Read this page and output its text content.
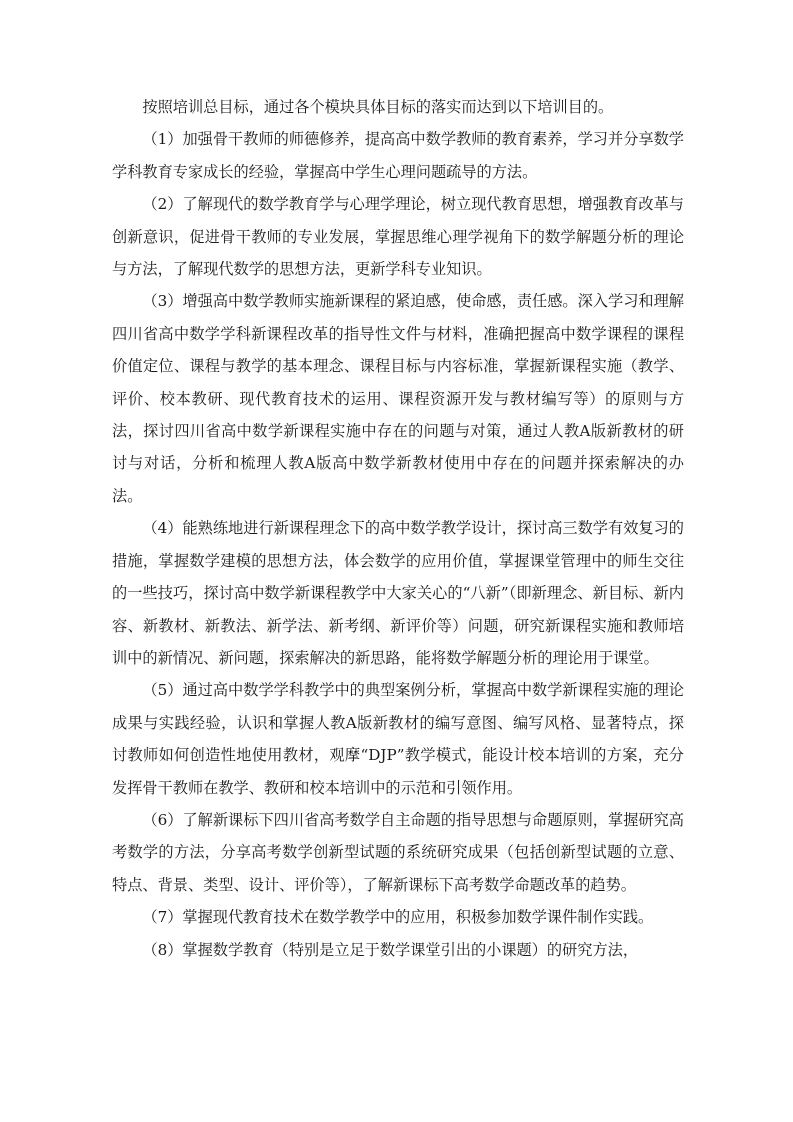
按照培训总目标，通过各个模块具体目标的落实而达到以下培训目的。

（1）加强骨干教师的师德修养，提高高中数学教师的教育素养，学习并分享数学学科教育专家成长的经验，掌握高中学生心理问题疏导的方法。

（2）了解现代的数学教育学与心理学理论，树立现代教育思想，增强教育改革与创新意识，促进骨干教师的专业发展，掌握思维心理学视角下的数学解题分析的理论与方法，了解现代数学的思想方法，更新学科专业知识。

（3）增强高中数学教师实施新课程的紧迫感，使命感，责任感。深入学习和理解四川省高中数学学科新课程改革的指导性文件与材料，准确把握高中数学课程的课程价值定位、课程与教学的基本理念、课程目标与内容标准，掌握新课程实施（教学、评价、校本教研、现代教育技术的运用、课程资源开发与教材编写等）的原则与方法，探讨四川省高中数学新课程实施中存在的问题与对策，通过人教A版新教材的研讨与对话，分析和梳理人教A版高中数学新教材使用中存在的问题并探索解决的办法。

（4）能熟练地进行新课程理念下的高中数学教学设计，探讨高三数学有效复习的措施，掌握数学建模的思想方法，体会数学的应用价值，掌握课堂管理中的师生交往的一些技巧，探讨高中数学新课程教学中大家关心的“八新”（即新理念、新目标、新内容、新教材、新教法、新学法、新考纲、新评价等）问题，研究新课程实施和教师培训中的新情况、新问题，探索解决的新思路，能将数学解题分析的理论用于课堂。

（5）通过高中数学学科教学中的典型案例分析，掌握高中数学新课程实施的理论成果与实践经验，认识和掌握人教A版新教材的编写意图、编写风格、显著特点，探讨教师如何创造性地使用教材，观摩“DJP”教学模式，能设计校本培训的方案，充分发挥骨干教师在教学、教研和校本培训中的示范和引领作用。

（6）了解新课标下四川省高考数学自主命题的指导思想与命题原则，掌握研究高考数学的方法，分享高考数学创新型试题的系统研究成果（包括创新型试题的立意、特点、背景、类型、设计、评价等），了解新课标下高考数学命题改革的趋势。

（7）掌握现代教育技术在数学教学中的应用，积极参加数学课件制作实践。

（8）掌握数学教育（特别是立足于数学课堂引出的小课题）的研究方法，
